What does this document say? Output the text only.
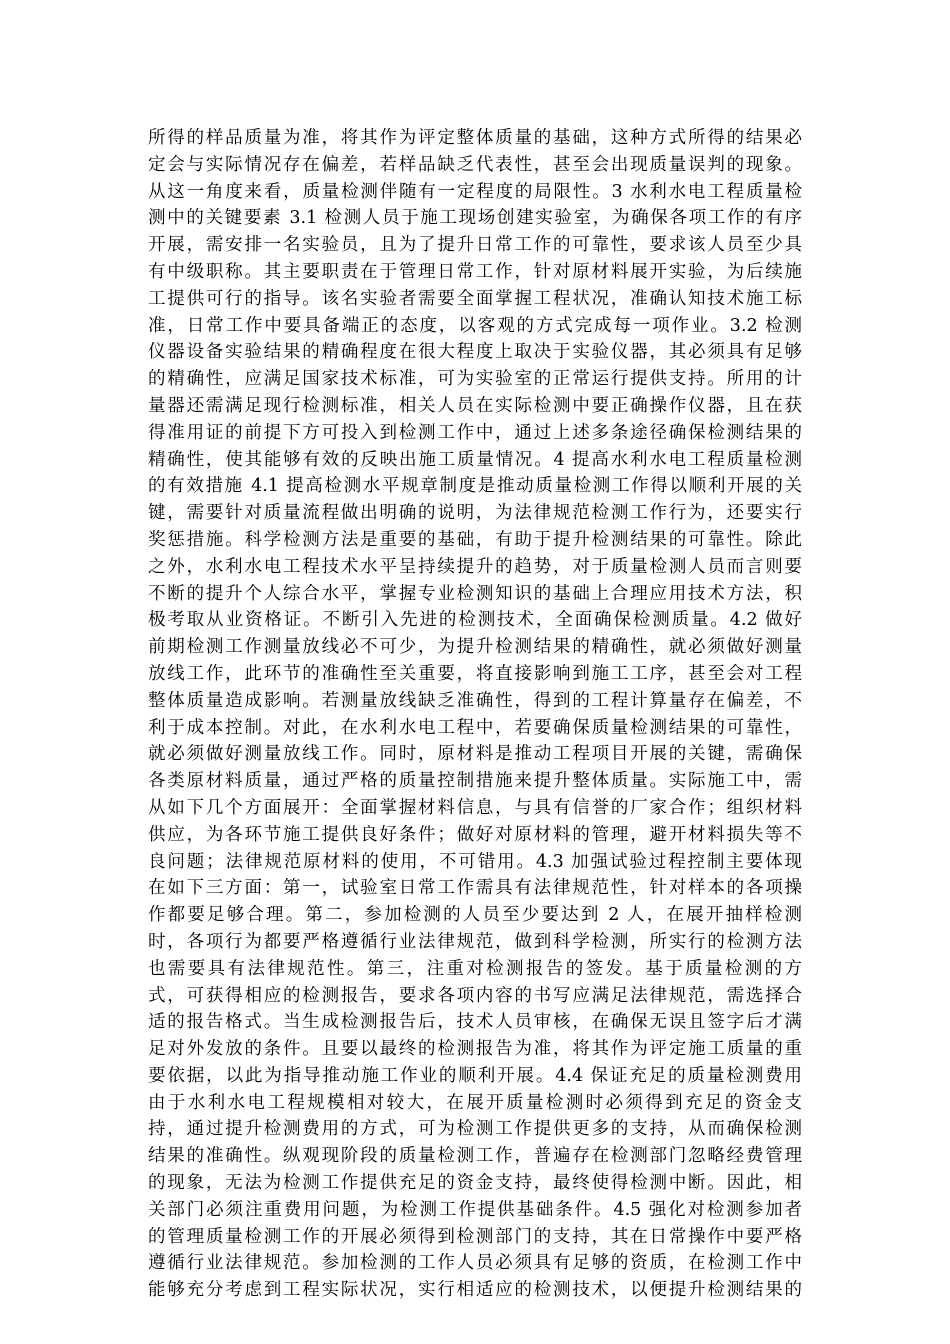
所得的样品质量为准，将其作为评定整体质量的基础，这种方式所得的结果必
定会与实际情况存在偏差，若样品缺乏代表性，甚至会出现质量误判的现象。
从这一角度来看，质量检测伴随有一定程度的局限性。3 水利水电工程质量检
测中的关键要素 3.1 检测人员于施工现场创建实验室，为确保各项工作的有序
开展，需安排一名实验员，且为了提升日常工作的可靠性，要求该人员至少具
有中级职称。其主要职责在于管理日常工作，针对原材料展开实验，为后续施
工提供可行的指导。该名实验者需要全面掌握工程状况，准确认知技术施工标
准，日常工作中要具备端正的态度，以客观的方式完成每一项作业。3.2 检测
仪器设备实验结果的精确程度在很大程度上取决于实验仪器，其必须具有足够
的精确性，应满足国家技术标准，可为实验室的正常运行提供支持。所用的计
量器还需满足现行检测标准，相关人员在实际检测中要正确操作仪器，且在获
得准用证的前提下方可投入到检测工作中，通过上述多条途径确保检测结果的
精确性，使其能够有效的反映出施工质量情况。4 提高水利水电工程质量检测
的有效措施 4.1 提高检测水平规章制度是推动质量检测工作得以顺利开展的关
键，需要针对质量流程做出明确的说明，为法律规范检测工作行为，还要实行
奖惩措施。科学检测方法是重要的基础，有助于提升检测结果的可靠性。除此
之外，水利水电工程技术水平呈持续提升的趋势，对于质量检测人员而言则要
不断的提升个人综合水平，掌握专业检测知识的基础上合理应用技术方法，积
极考取从业资格证。不断引入先进的检测技术，全面确保检测质量。4.2 做好
前期检测工作测量放线必不可少，为提升检测结果的精确性，就必须做好测量
放线工作，此环节的准确性至关重要，将直接影响到施工工序，甚至会对工程
整体质量造成影响。若测量放线缺乏准确性，得到的工程计算量存在偏差，不
利于成本控制。对此，在水利水电工程中，若要确保质量检测结果的可靠性，
就必须做好测量放线工作。同时，原材料是推动工程项目开展的关键，需确保
各类原材料质量，通过严格的质量控制措施来提升整体质量。实际施工中，需
从如下几个方面展开：全面掌握材料信息，与具有信誉的厂家合作；组织材料
供应，为各环节施工提供良好条件；做好对原材料的管理，避开材料损失等不
良问题；法律规范原材料的使用，不可错用。4.3 加强试验过程控制主要体现
在如下三方面：第一，试验室日常工作需具有法律规范性，针对样本的各项操
作都要足够合理。第二，参加检测的人员至少要达到 2 人，在展开抽样检测
时，各项行为都要严格遵循行业法律规范，做到科学检测，所实行的检测方法
也需要具有法律规范性。第三，注重对检测报告的签发。基于质量检测的方
式，可获得相应的检测报告，要求各项内容的书写应满足法律规范，需选择合
适的报告格式。当生成检测报告后，技术人员审核，在确保无误且签字后才满
足对外发放的条件。且要以最终的检测报告为准，将其作为评定施工质量的重
要依据，以此为指导推动施工作业的顺利开展。4.4 保证充足的质量检测费用
由于水利水电工程规模相对较大，在展开质量检测时必须得到充足的资金支
持，通过提升检测费用的方式，可为检测工作提供更多的支持，从而确保检测
结果的准确性。纵观现阶段的质量检测工作，普遍存在检测部门忽略经费管理
的现象，无法为检测工作提供充足的资金支持，最终使得检测中断。因此，相
关部门必须注重费用问题，为检测工作提供基础条件。4.5 强化对检测参加者
的管理质量检测工作的开展必须得到检测部门的支持，其在日常操作中要严格
遵循行业法律规范。参加检测的工作人员必须具有足够的资质，在检测工作中
能够充分考虑到工程实际状况，实行相适应的检测技术，以便提升检测结果的
